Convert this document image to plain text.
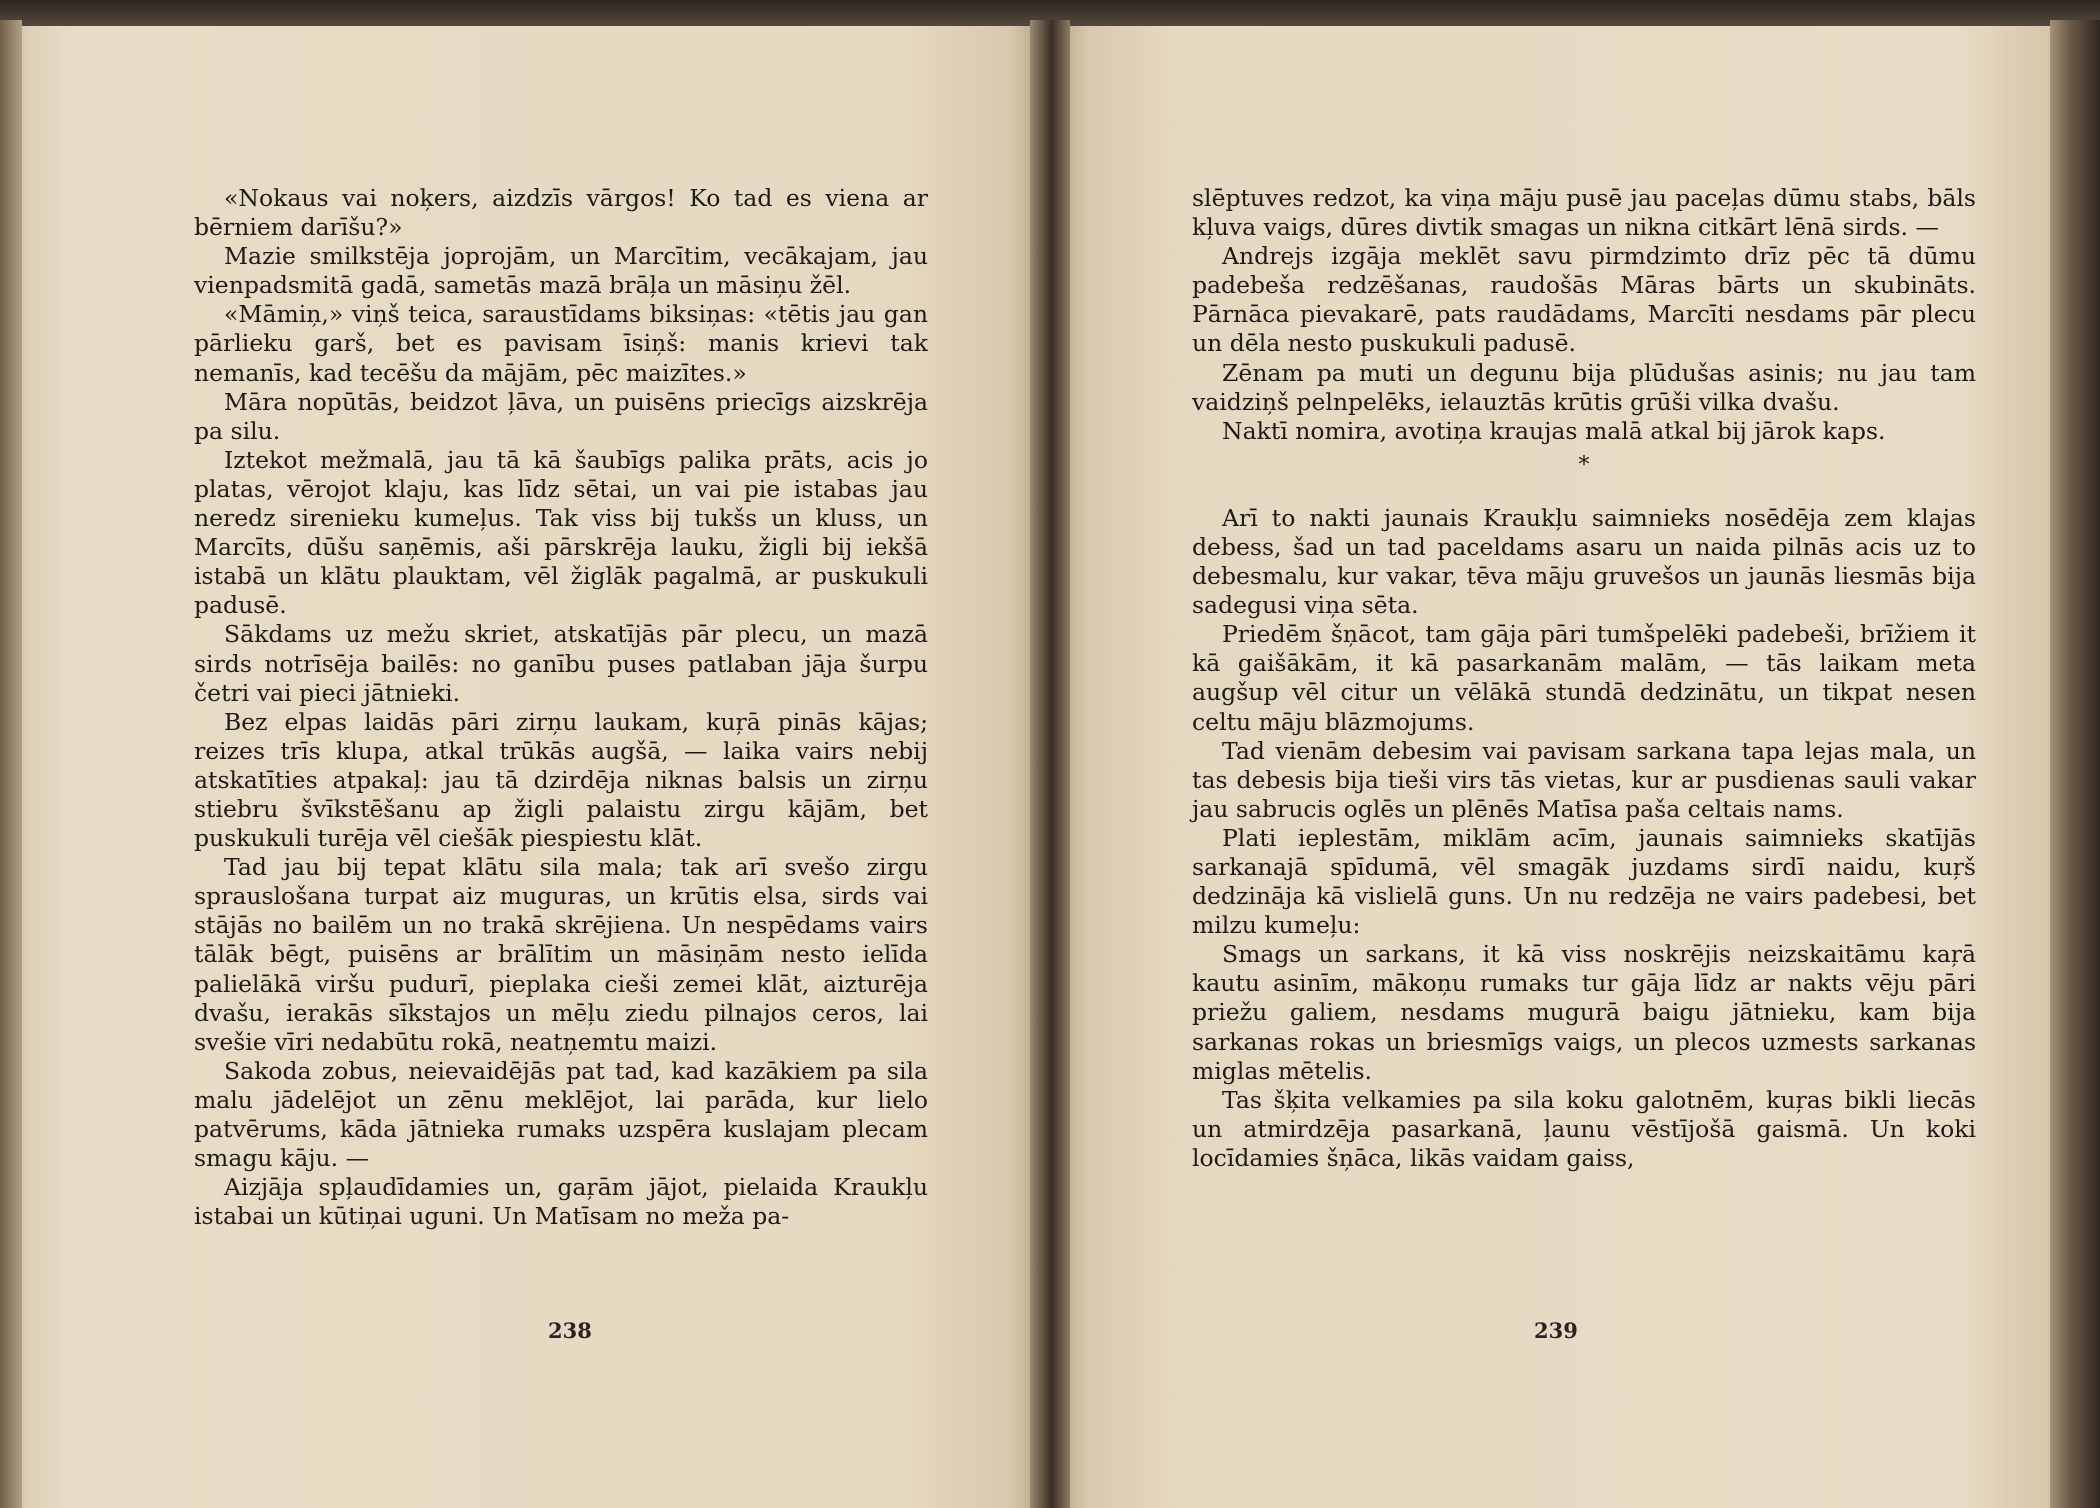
«Nokaus vai noķers, aizdzīs vārgos! Ko tad es viena ar bērniem darīšu?»

Mazie smilkstēja joprojām, un Marcītim, vecākajam, jau vienpadsmitā gadā, sametās mazā brāļa un māsiņu žēl.

«Māmiņ,» viņš teica, saraustīdams biksiņas: «tētis jau gan pārlieku garš, bet es pavisam īsiņš: manis krievi tak nemanīs, kad tecēšu da mājām, pēc maizītes.»

Māra nopūtās, beidzot ļāva, un puisēns priecīgs aizskrēja pa silu.

Iztekot mežmalā, jau tā kā šaubīgs palika prāts, acis jo platas, vērojot klaju, kas līdz sētai, un vai pie istabas jau neredz sirenieku kumeļus. Tak viss bij tukšs un kluss, un Marcīts, dūšu saņēmis, aši pārskrēja lauku, žigli bij iekšā istabā un klātu plauktam, vēl žiglāk pagalmā, ar puskukuli padusē.

Sākdams uz mežu skriet, atskatījās pār plecu, un mazā sirds notrīsēja bailēs: no ganību puses patlaban jāja šurpu četri vai pieci jātnieki.

Bez elpas laidās pāri zirņu laukam, kuŗā pinās kājas; reizes trīs klupa, atkal trūkās augšā, — laika vairs nebij atskatīties atpakaļ: jau tā dzirdēja niknas balsis un zirņu stiebru švīkstēšanu ap žigli palaistu zirgu kājām, bet puskukuli turēja vēl ciešāk piespiestu klāt.

Tad jau bij tepat klātu sila mala; tak arī svešo zirgu sprauslošana turpat aiz muguras, un krūtis elsa, sirds vai stājās no bailēm un no trakā skrējiena. Un nespēdams vairs tālāk bēgt, puisēns ar brālītim un māsiņām nesto ielīda palielākā viršu pudurī, pieplaka cieši zemei klāt, aizturēja dvašu, ierakās sīkstajos un mēļu ziedu pilnajos ceros, lai svešie vīri nedabūtu rokā, neatņemtu maizi.

Sakoda zobus, neievaidējās pat tad, kad kazākiem pa sila malu jādelējot un zēnu meklējot, lai parāda, kur lielo patvērums, kāda jātnieka rumaks uzspēra kuslajam plecam smagu kāju. —

Aizjāja spļaudīdamies un, gaŗām jājot, pielaida Kraukļu istabai un kūtiņai uguni. Un Matīsam no meža pa-

238

slēptuves redzot, ka viņa māju pusē jau paceļas dūmu stabs, bāls kļuva vaigs, dūres divtik smagas un nikna citkārt lēnā sirds. —

Andrejs izgāja meklēt savu pirmdzimto drīz pēc tā dūmu padebeša redzēšanas, raudošās Māras bārts un skubināts. Pārnāca pievakarē, pats raudādams, Marcīti nesdams pār plecu un dēla nesto puskukuli padusē.

Zēnam pa muti un degunu bija plūdušas asinis; nu jau tam vaidziņš pelnpelēks, ielauztās krūtis grūši vilka dvašu.

Naktī nomira, avotiņa kraujas malā atkal bij jārok kaps.

*

Arī to nakti jaunais Kraukļu saimnieks nosēdēja zem klajas debess, šad un tad paceldams asaru un naida pilnās acis uz to debesmalu, kur vakar, tēva māju gruvešos un jaunās liesmās bija sadegusi viņa sēta.

Priedēm šņācot, tam gāja pāri tumšpelēki padebeši, brīžiem it kā gaišākām, it kā pasarkanām malām, — tās laikam meta augšup vēl citur un vēlākā stundā dedzinātu, un tikpat nesen celtu māju blāzmojums.

Tad vienām debesim vai pavisam sarkana tapa lejas mala, un tas debesis bija tieši virs tās vietas, kur ar pusdienas sauli vakar jau sabrucis oglēs un plēnēs Matīsa paša celtais nams.

Plati ieplestām, miklām acīm, jaunais saimnieks skatījās sarkanajā spīdumā, vēl smagāk juzdams sirdī naidu, kuŗš dedzināja kā vislielā guns. Un nu redzēja ne vairs padebesi, bet milzu kumeļu:

Smags un sarkans, it kā viss noskrējis neizskaitāmu kaŗā kautu asinīm, mākoņu rumaks tur gāja līdz ar nakts vēju pāri priežu galiem, nesdams mugurā baigu jātnieku, kam bija sarkanas rokas un briesmīgs vaigs, un plecos uzmests sarkanas miglas mētelis.

Tas šķita velkamies pa sila koku galotnēm, kuŗas bikli liecās un atmirdzēja pasarkanā, ļaunu vēstījošā gaismā. Un koki locīdamies šņāca, likās vaidam gaiss,

239
